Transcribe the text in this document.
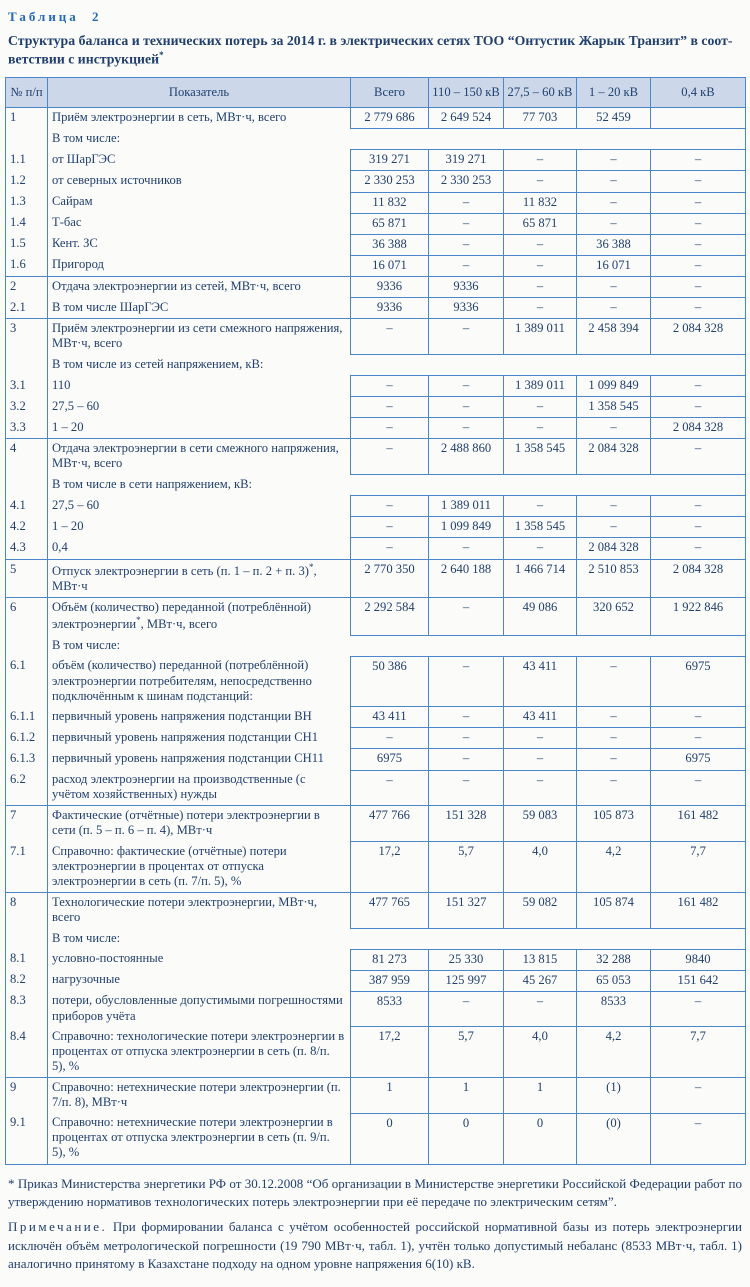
Таблица 2
Структура баланса и технических потерь за 2014 г. в электрических сетях ТОО “Онтустик Жарык Транзит” в соот-
ветствии с инструкцией*
№ п/п	Показатель	Всего	110 – 150 кВ	27,5 – 60 кВ	1 – 20 кВ	0,4 кВ
1	Приём электроэнергии в сеть, МВт·ч, всего	2 779 686	2 649 524	77 703	52 459	
	В том числе:					
1.1	от ШарГЭС	319 271	319 271	–	–	–
1.2	от северных источников	2 330 253	2 330 253	–	–	–
1.3	Сайрам	11 832	–	11 832	–	–
1.4	Т-бас	65 871	–	65 871	–	–
1.5	Кент. ЗС	36 388	–	–	36 388	–
1.6	Пригород	16 071	–	–	16 071	–
2	Отдача электроэнергии из сетей, МВт·ч, всего	9336	9336	–	–	–
2.1	В том числе ШарГЭС	9336	9336	–	–	–
3	Приём электроэнергии из сети смежного напряжения, МВт·ч, всего	–	–	1 389 011	2 458 394	2 084 328
	В том числе из сетей напряжением, кВ:					
3.1	110	–	–	1 389 011	1 099 849	–
3.2	27,5 – 60	–	–	–	1 358 545	–
3.3	1 – 20	–	–	–	–	2 084 328
4	Отдача электроэнергии в сети смежного напряжения, МВт·ч, всего	–	2 488 860	1 358 545	2 084 328	–
	В том числе в сети напряжением, кВ:					
4.1	27,5 – 60	–	1 389 011	–	–	–
4.2	1 – 20	–	1 099 849	1 358 545	–	–
4.3	0,4	–	–	–	2 084 328	–
5	Отпуск электроэнергии в сеть (п. 1 – п. 2 + п. 3)*, МВт·ч	2 770 350	2 640 188	1 466 714	2 510 853	2 084 328
6	Объём (количество) переданной (потреблённой) электроэнергии*, МВт·ч, всего	2 292 584	–	49 086	320 652	1 922 846
	В том числе:					
6.1	объём (количество) переданной (потреблённой) электроэнергии потребителям, непосредственно подключённым к шинам подстанций:	50 386	–	43 411	–	6975
6.1.1	первичный уровень напряжения подстанции ВН	43 411	–	43 411	–	–
6.1.2	первичный уровень напряжения подстанции СН1	–	–	–	–	–
6.1.3	первичный уровень напряжения подстанции СН11	6975	–	–	–	6975
6.2	расход электроэнергии на производственные (с учётом хозяйственных) нужды	–	–	–	–	–
7	Фактические (отчётные) потери электроэнергии в сети (п. 5 – п. 6 – п. 4), МВт·ч	477 766	151 328	59 083	105 873	161 482
7.1	Справочно: фактические (отчётные) потери электроэнергии в процентах от отпуска электроэнергии в сеть (п. 7/п. 5), %	17,2	5,7	4,0	4,2	7,7
8	Технологические потери электроэнергии, МВт·ч, всего	477 765	151 327	59 082	105 874	161 482
	В том числе:					
8.1	условно-постоянные	81 273	25 330	13 815	32 288	9840
8.2	нагрузочные	387 959	125 997	45 267	65 053	151 642
8.3	потери, обусловленные допустимыми погрешностями приборов учёта	8533	–	–	8533	–
8.4	Справочно: технологические потери электроэнергии в процентах от отпуска электроэнергии в сеть (п. 8/п. 5), %	17,2	5,7	4,0	4,2	7,7
9	Справочно: нетехнические потери электроэнергии (п. 7/п. 8), МВт·ч	1	1	1	(1)	–
9.1	Справочно: нетехнические потери электроэнергии в процентах от отпуска электроэнергии в сеть (п. 9/п. 5), %	0	0	0	(0)	–

* Приказ Министерства энергетики РФ от 30.12.2008 “Об организации в Министерстве энергетики Российской Федерации работ по утверждению нормативов технологических потерь электроэнергии при её передаче по электрическим сетям”.

Примечание. При формировании баланса с учётом особенностей российской нормативной базы из потерь электроэнергии исключён объём метрологической погрешности (19 790 МВт·ч, табл. 1), учтён только допустимый небаланс (8533 МВт·ч, табл. 1) аналогично принятому в Казахстане подходу на одном уровне напряжения 6(10) кВ.
